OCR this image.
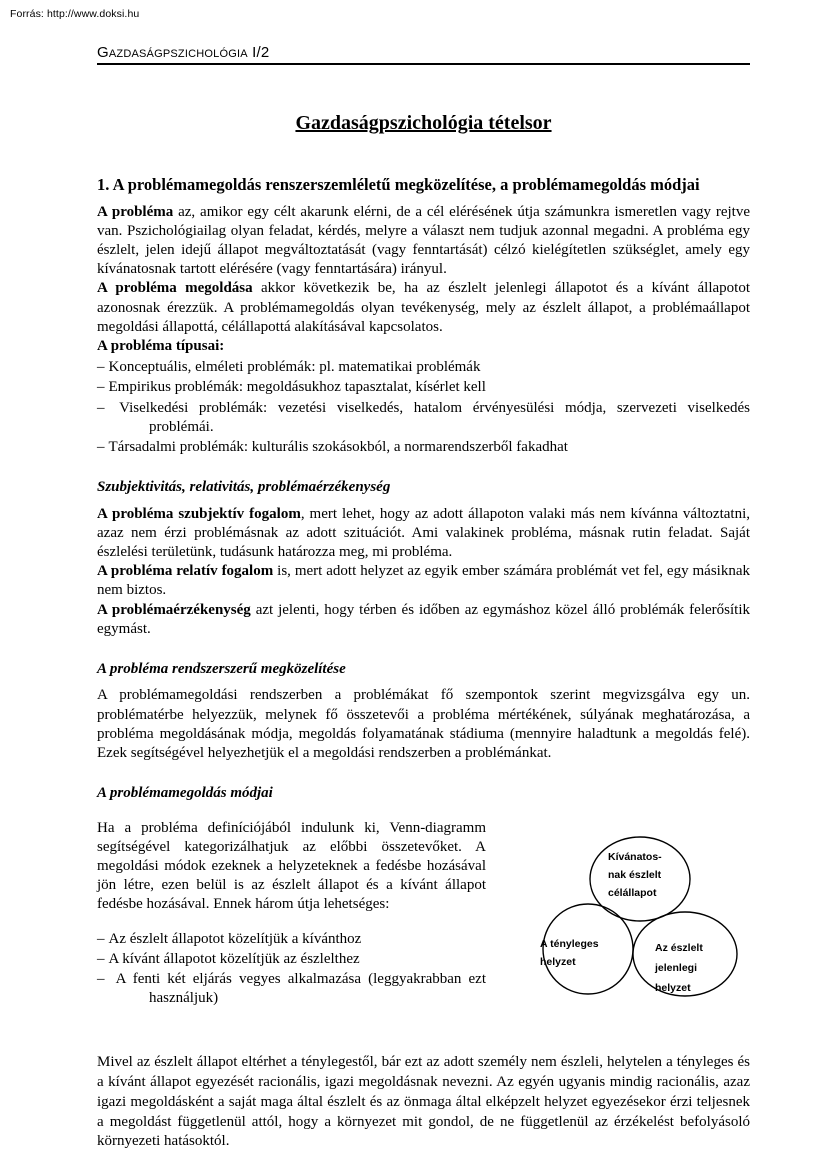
Forrás: http://www.doksi.hu
Gazdaságpszichológia I/2
Gazdaságpszichológia tételsor
1. A problémamegoldás renszerszemléletű megközelítése, a problémamegoldás módjai

A probléma az, amikor egy célt akarunk elérni, de a cél elérésének útja számunkra ismeretlen vagy rejtve van. Pszichológiailag olyan feladat, kérdés, melyre a választ nem tudjuk azonnal megadni. A probléma egy észlelt, jelen idejű állapot megváltoztatását (vagy fenntartását) célzó kielégítetlen szükséglet, amely egy kívánatosnak tartott elérésére (vagy fenntartására) irányul.

A probléma megoldása akkor következik be, ha az észlelt jelenlegi állapotot és a kívánt állapotot azonosnak érezzük. A problémamegoldás olyan tevékenység, mely az észlelt állapot, a problémaállapot megoldási állapottá, célállapottá alakításával kapcsolatos.

A probléma típusai:

– Konceptuális, elméleti problémák: pl. matematikai problémák
– Empirikus problémák: megoldásukhoz tapasztalat, kísérlet kell
– Viselkedési problémák: vezetési viselkedés, hatalom érvényesülési módja, szervezeti viselkedés problémái.
– Társadalmi problémák: kulturális szokásokból, a normarendszerből fakadhat
Szubjektivitás, relativitás, problémaérzékenység

A probléma szubjektív fogalom, mert lehet, hogy az adott állapoton valaki más nem kívánna változtatni, azaz nem érzi problémásnak az adott szituációt. Ami valakinek probléma, másnak rutin feladat. Saját észlelési területünk, tudásunk határozza meg, mi probléma.

A probléma relatív fogalom is, mert adott helyzet az egyik ember számára problémát vet fel, egy másiknak nem biztos.

A problémaérzékenység azt jelenti, hogy térben és időben az egymáshoz közel álló problémák felerősítik egymást.

A probléma rendszerszerű megközelítése

A problémamegoldási rendszerben a problémákat fő szempontok szerint megvizsgálva egy un. problématérbe helyezzük, melynek fő összetevői a probléma mértékének, súlyának meghatározása, a probléma megoldásának módja, megoldás folyamatának stádiuma (mennyire haladtunk a megoldás felé). Ezek segítségével helyezhetjük el a megoldási rendszerben a problémánkat.

A problémamegoldás módjai
Kívánatos-
nak észlelt
célállapot
A tényleges
helyzet
Az észlelt
jelenlegi
helyzet

Ha a probléma definíciójából indulunk ki, Venn-diagramm segítségével kategorizálhatjuk az előbbi összetevőket. A megoldási módok ezeknek a helyzeteknek a fedésbe hozásával jön létre, ezen belül is az észlelt állapot és a kívánt állapot fedésbe hozásával. Ennek három útja lehetséges:

– Az észlelt állapotot közelítjük a kívánthoz
– A kívánt állapotot közelítjük az észlelthez
– A fenti két eljárás vegyes alkalmazása (leggyakrabban ezt használjuk)

Mivel az észlelt állapot eltérhet a ténylegestől, bár ezt az adott személy nem észleli, helytelen a tényleges és a kívánt állapot egyezését racionális, igazi megoldásnak nevezni. Az egyén ugyanis mindig racionális, azaz igazi megoldásként a saját maga által észlelt és az önmaga által elképzelt helyzet egyezésekor érzi teljesnek a megoldást függetlenül attól, hogy a környezet mit gondol, de ne függetlenül az érzékelést befolyásoló környezeti hatásoktól.
